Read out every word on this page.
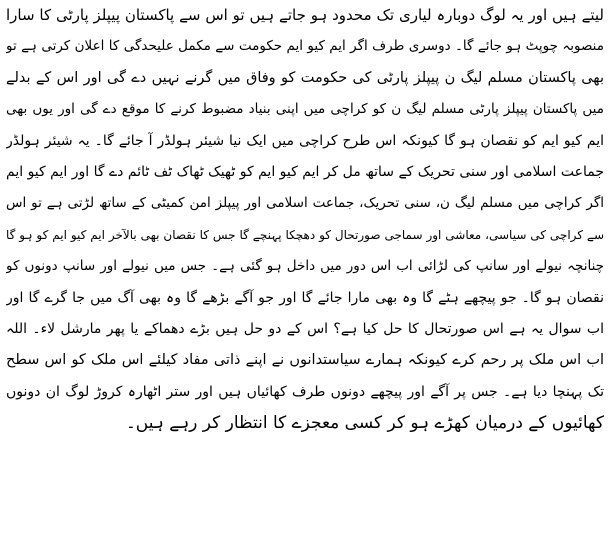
لیتے ہیں اور یہ لوگ دوبارہ لیاری تک محدود ہو جاتے ہیں تو اس سے پاکستان پیپلز پارٹی کا سارا
منصوبہ چوپٹ ہو جائے گا۔ دوسری طرف اگر ایم کیو ایم حکومت سے مکمل علیحدگی کا اعلان کرتی ہے تو
بھی پاکستان مسلم لیگ ن پیپلز پارٹی کی حکومت کو وفاق میں گرنے نہیں دے گی اور اس کے بدلے
میں پاکستان پیپلز پارٹی مسلم لیگ ن کو کراچی میں اپنی بنیاد مضبوط کرنے کا موقع دے گی اور یوں بھی
ایم کیو ایم کو نقصان ہو گا کیونکہ اس طرح کراچی میں ایک نیا شیئر ہولڈر آ جائے گا۔ یہ شیئر ہولڈر
جماعت اسلامی اور سنی تحریک کے ساتھ مل کر ایم کیو ایم کو ٹھیک ٹھاک ٹف ٹائم دے گا اور ایم کیو ایم
اگر کراچی میں مسلم لیگ ن، سنی تحریک، جماعت اسلامی اور پیپلز امن کمیٹی کے ساتھ لڑتی ہے تو اس
سے کراچی کی سیاسی، معاشی اور سماجی صورتحال کو دھچکا پہنچے گا جس کا نقصان بھی بالآخر ایم کیو ایم کو ہو گا
چنانچہ نیولے اور سانپ کی لڑائی اب اس دور میں داخل ہو گئی ہے۔ جس میں نیولے اور سانپ دونوں کو
نقصان ہو گا۔ جو پیچھے ہٹے گا وہ بھی مارا جائے گا اور جو آگے بڑھے گا وہ بھی آگ میں جا گرے گا اور
اب سوال یہ ہے اس صورتحال کا حل کیا ہے؟ اس کے دو حل ہیں بڑے دھماکے یا پھر مارشل لاء۔ اللہ
اب اس ملک پر رحم کرے کیونکہ ہمارے سیاستدانوں نے اپنے ذاتی مفاد کیلئے اس ملک کو اس سطح
تک پہنچا دیا ہے۔ جس پر آگے اور پیچھے دونوں طرف کھائیاں ہیں اور ستر اٹھارہ کروڑ لوگ ان دونوں
کھائیوں کے درمیان کھڑے ہو کر کسی معجزے کا انتظار کر رہے ہیں۔
